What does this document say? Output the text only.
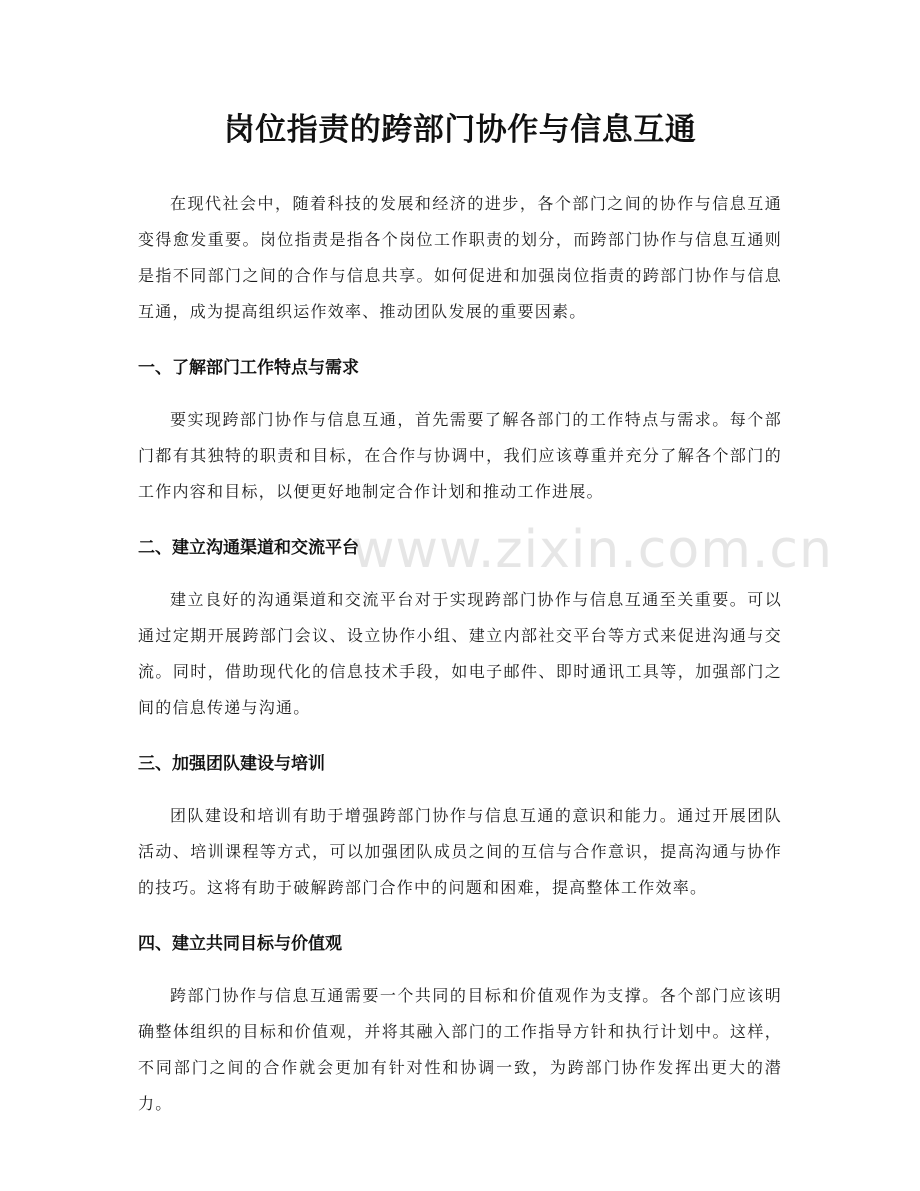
www.zixin.com.cn
岗位指责的跨部门协作与信息互通

在现代社会中，随着科技的发展和经济的进步，各个部门之间的协作与信息互通变得愈发重要。岗位指责是指各个岗位工作职责的划分，而跨部门协作与信息互通则是指不同部门之间的合作与信息共享。如何促进和加强岗位指责的跨部门协作与信息互通，成为提高组织运作效率、推动团队发展的重要因素。

一、了解部门工作特点与需求

要实现跨部门协作与信息互通，首先需要了解各部门的工作特点与需求。每个部门都有其独特的职责和目标，在合作与协调中，我们应该尊重并充分了解各个部门的工作内容和目标，以便更好地制定合作计划和推动工作进展。

二、建立沟通渠道和交流平台

建立良好的沟通渠道和交流平台对于实现跨部门协作与信息互通至关重要。可以通过定期开展跨部门会议、设立协作小组、建立内部社交平台等方式来促进沟通与交流。同时，借助现代化的信息技术手段，如电子邮件、即时通讯工具等，加强部门之间的信息传递与沟通。

三、加强团队建设与培训

团队建设和培训有助于增强跨部门协作与信息互通的意识和能力。通过开展团队活动、培训课程等方式，可以加强团队成员之间的互信与合作意识，提高沟通与协作的技巧。这将有助于破解跨部门合作中的问题和困难，提高整体工作效率。

四、建立共同目标与价值观

跨部门协作与信息互通需要一个共同的目标和价值观作为支撑。各个部门应该明确整体组织的目标和价值观，并将其融入部门的工作指导方针和执行计划中。这样，不同部门之间的合作就会更加有针对性和协调一致，为跨部门协作发挥出更大的潜力。
